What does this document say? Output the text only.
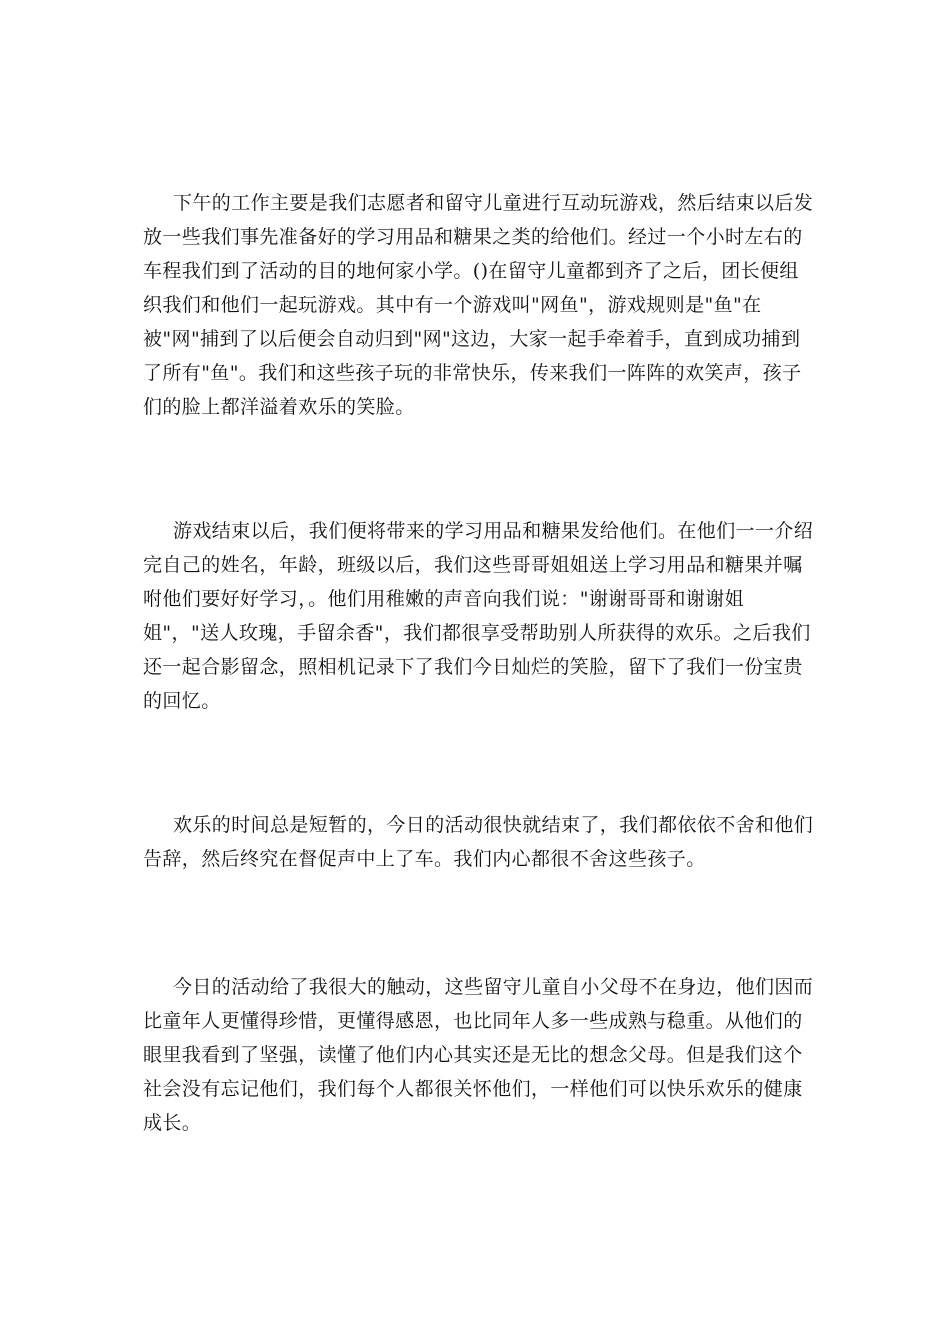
下午的工作主要是我们志愿者和留守儿童进行互动玩游戏，然后结束以后发
放一些我们事先准备好的学习用品和糖果之类的给他们。经过一个小时左右的
车程我们到了活动的目的地何家小学。()在留守儿童都到齐了之后，团长便组
织我们和他们一起玩游戏。其中有一个游戏叫"网鱼"，游戏规则是"鱼"在
被"网"捕到了以后便会自动归到"网"这边，大家一起手牵着手，直到成功捕到
了所有"鱼"。我们和这些孩子玩的非常快乐，传来我们一阵阵的欢笑声，孩子
们的脸上都洋溢着欢乐的笑脸。
游戏结束以后，我们便将带来的学习用品和糖果发给他们。在他们一一介绍
完自己的姓名，年龄，班级以后，我们这些哥哥姐姐送上学习用品和糖果并嘱
咐他们要好好学习，。他们用稚嫩的声音向我们说："谢谢哥哥和谢谢姐
姐"，"送人玫瑰，手留余香"，我们都很享受帮助别人所获得的欢乐。之后我们
还一起合影留念，照相机记录下了我们今日灿烂的笑脸，留下了我们一份宝贵
的回忆。
欢乐的时间总是短暂的，今日的活动很快就结束了，我们都依依不舍和他们
告辞，然后终究在督促声中上了车。我们内心都很不舍这些孩子。
今日的活动给了我很大的触动，这些留守儿童自小父母不在身边，他们因而
比童年人更懂得珍惜，更懂得感恩，也比同年人多一些成熟与稳重。从他们的
眼里我看到了坚强，读懂了他们内心其实还是无比的想念父母。但是我们这个
社会没有忘记他们，我们每个人都很关怀他们，一样他们可以快乐欢乐的健康
成长。
